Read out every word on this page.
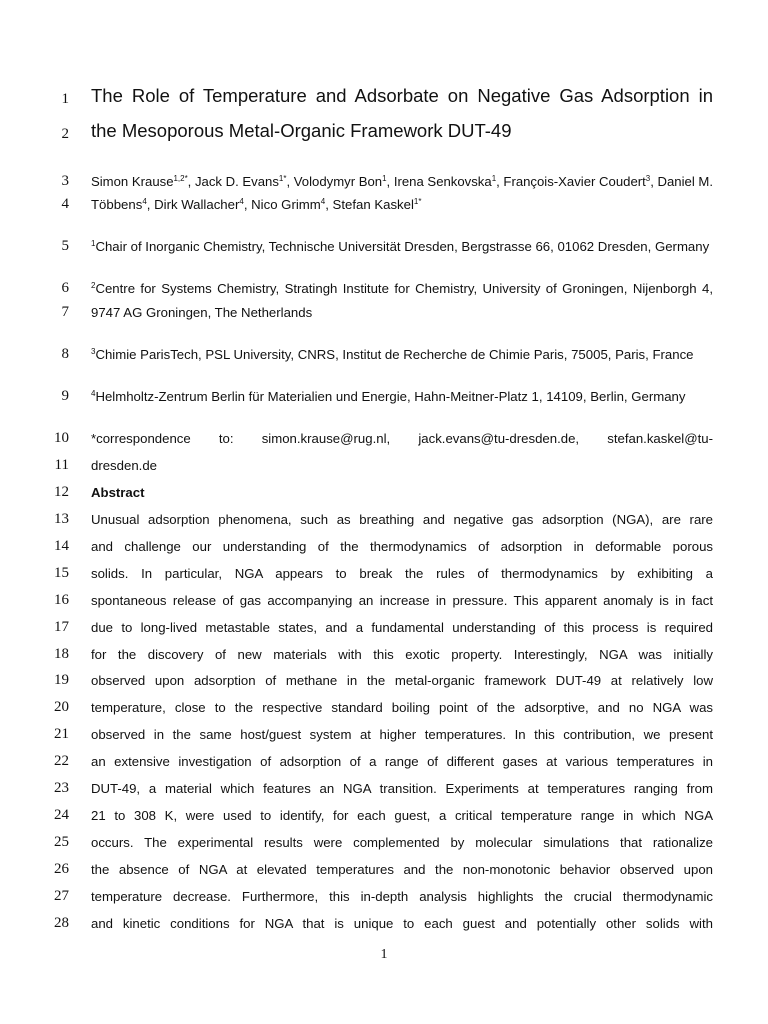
1 The Role of Temperature and Adsorbate on Negative Gas Adsorption in
2 the Mesoporous Metal-Organic Framework DUT-49
3 Simon Krause$^{1,2*}$, Jack D. Evans$^{1*}$, Volodymyr Bon$^1$, Irena Senkovska$^1$, François-Xavier Coudert$^3$, Daniel M.
4 Többens$^4$, Dirk Wallacher$^4$, Nico Grimm$^4$, Stefan Kaskel$^{1*}$
5	$^1$Chair of Inorganic Chemistry, Technische Universität Dresden, Bergstrasse 66, 01062 Dresden, Germany
6	$^2$Centre for Systems Chemistry, Stratingh Institute for Chemistry, University of Groningen, Nijenborgh 4,
7 9747 AG Groningen, The Netherlands
8	$^3$Chimie ParisTech, PSL University, CNRS, Institut de Recherche de Chimie Paris, 75005, Paris, France
9	$^4$Helmholtz-Zentrum Berlin für Materialien und Energie, Hahn-Meitner-Platz 1, 14109, Berlin, Germany
10 *correspondence to: simon.krause@rug.nl, jack.evans@tu-dresden.de, stefan.kaskel@tu-
11 dresden.de
12 Abstract
13 Unusual adsorption phenomena, such as breathing and negative gas adsorption (NGA), are rare
14 and challenge our understanding of the thermodynamics of adsorption in deformable porous
15 solids. In particular, NGA appears to break the rules of thermodynamics by exhibiting a
16 spontaneous release of gas accompanying an increase in pressure. This apparent anomaly is in fact
17 due to long-lived metastable states, and a fundamental understanding of this process is required
18 for the discovery of new materials with this exotic property. Interestingly, NGA was initially
19 observed upon adsorption of methane in the metal-organic framework DUT-49 at relatively low
20 temperature, close to the respective standard boiling point of the adsorptive, and no NGA was
21 observed in the same host/guest system at higher temperatures. In this contribution, we present
22 an extensive investigation of adsorption of a range of different gases at various temperatures in
23 DUT-49, a material which features an NGA transition. Experiments at temperatures ranging from
24 21 to 308 K, were used to identify, for each guest, a critical temperature range in which NGA
25 occurs. The experimental results were complemented by molecular simulations that rationalize
26 the absence of NGA at elevated temperatures and the non-monotonic behavior observed upon
27 temperature decrease. Furthermore, this in-depth analysis highlights the crucial thermodynamic
28 and kinetic conditions for NGA that is unique to each guest and potentially other solids with
1
